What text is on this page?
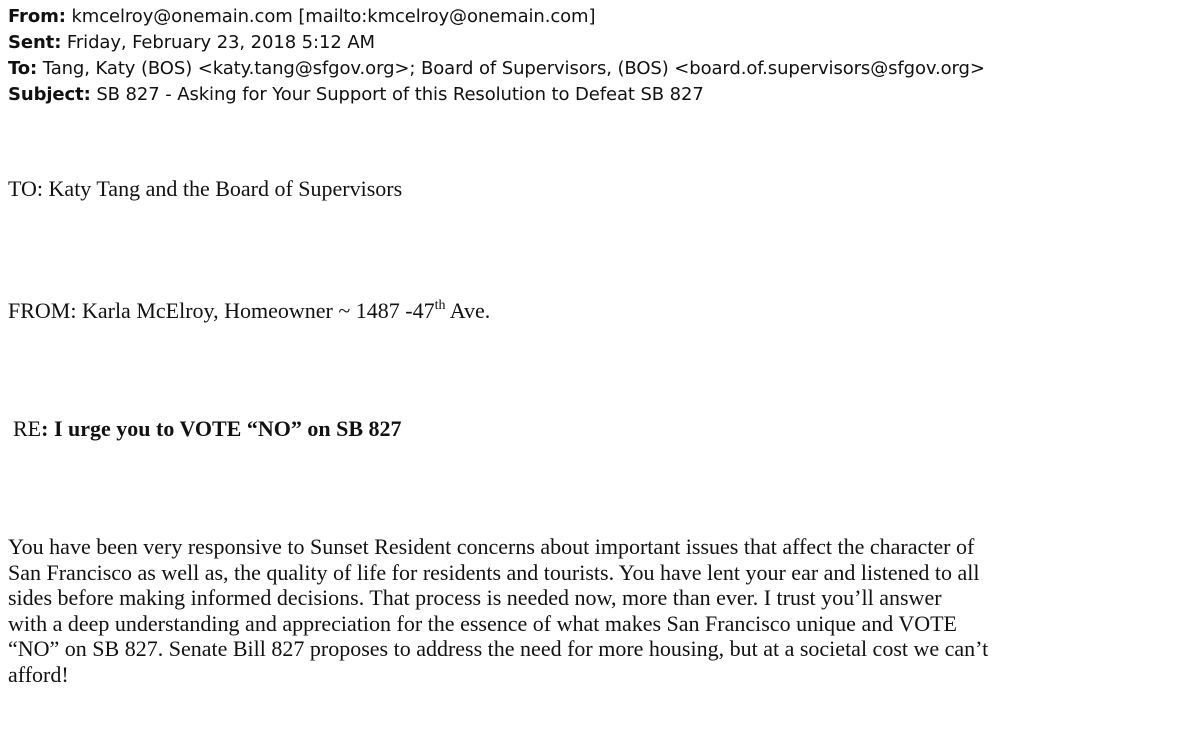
From: kmcelroy@onemain.com [mailto:kmcelroy@onemain.com]
Sent: Friday, February 23, 2018 5:12 AM
To: Tang, Katy (BOS) <katy.tang@sfgov.org>; Board of Supervisors, (BOS) <board.of.supervisors@sfgov.org>
Subject: SB 827 - Asking for Your Support of this Resolution to Defeat SB 827
TO: Katy Tang and the Board of Supervisors
FROM: Karla McElroy, Homeowner ~ 1487 -47th Ave.
RE: I urge you to VOTE “NO” on SB 827
You have been very responsive to Sunset Resident concerns about important issues that affect the character of
San Francisco as well as, the quality of life for residents and tourists. You have lent your ear and listened to all
sides before making informed decisions. That process is needed now, more than ever. I trust you’ll answer
with a deep understanding and appreciation for the essence of what makes San Francisco unique and VOTE
“NO” on SB 827. Senate Bill 827 proposes to address the need for more housing, but at a societal cost we can’t
afford!
